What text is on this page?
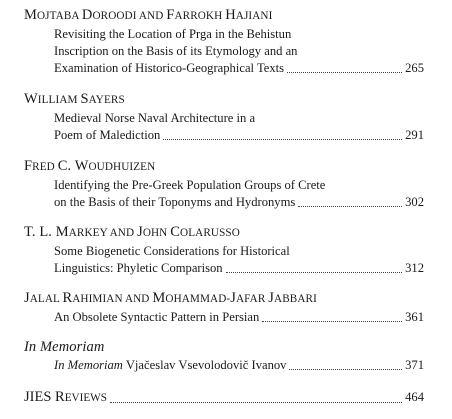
MOJTABA DOROODI AND FARROKH HAJIANI
Revisiting the Location of Prga in the Behistun
Inscription on the Basis of its Etymology and an
Examination of Historico-Geographical Texts	265
WILLIAM SAYERS
Medieval Norse Naval Architecture in a
Poem of Malediction	291
FRED C. WOUDHUIZEN
Identifying the Pre-Greek Population Groups of Crete
on the Basis of their Toponyms and Hydronyms	302
T. L. MARKEY AND JOHN COLARUSSO
Some Biogenetic Considerations for Historical
Linguistics: Phyletic Comparison	312
JALAL RAHIMIAN AND MOHAMMAD-JAFAR JABBARI
An Obsolete Syntactic Pattern in Persian	361
In Memoriam
In Memoriam Vjačeslav Vsevolodovič Ivanov	371
JIES REVIEWS	464
